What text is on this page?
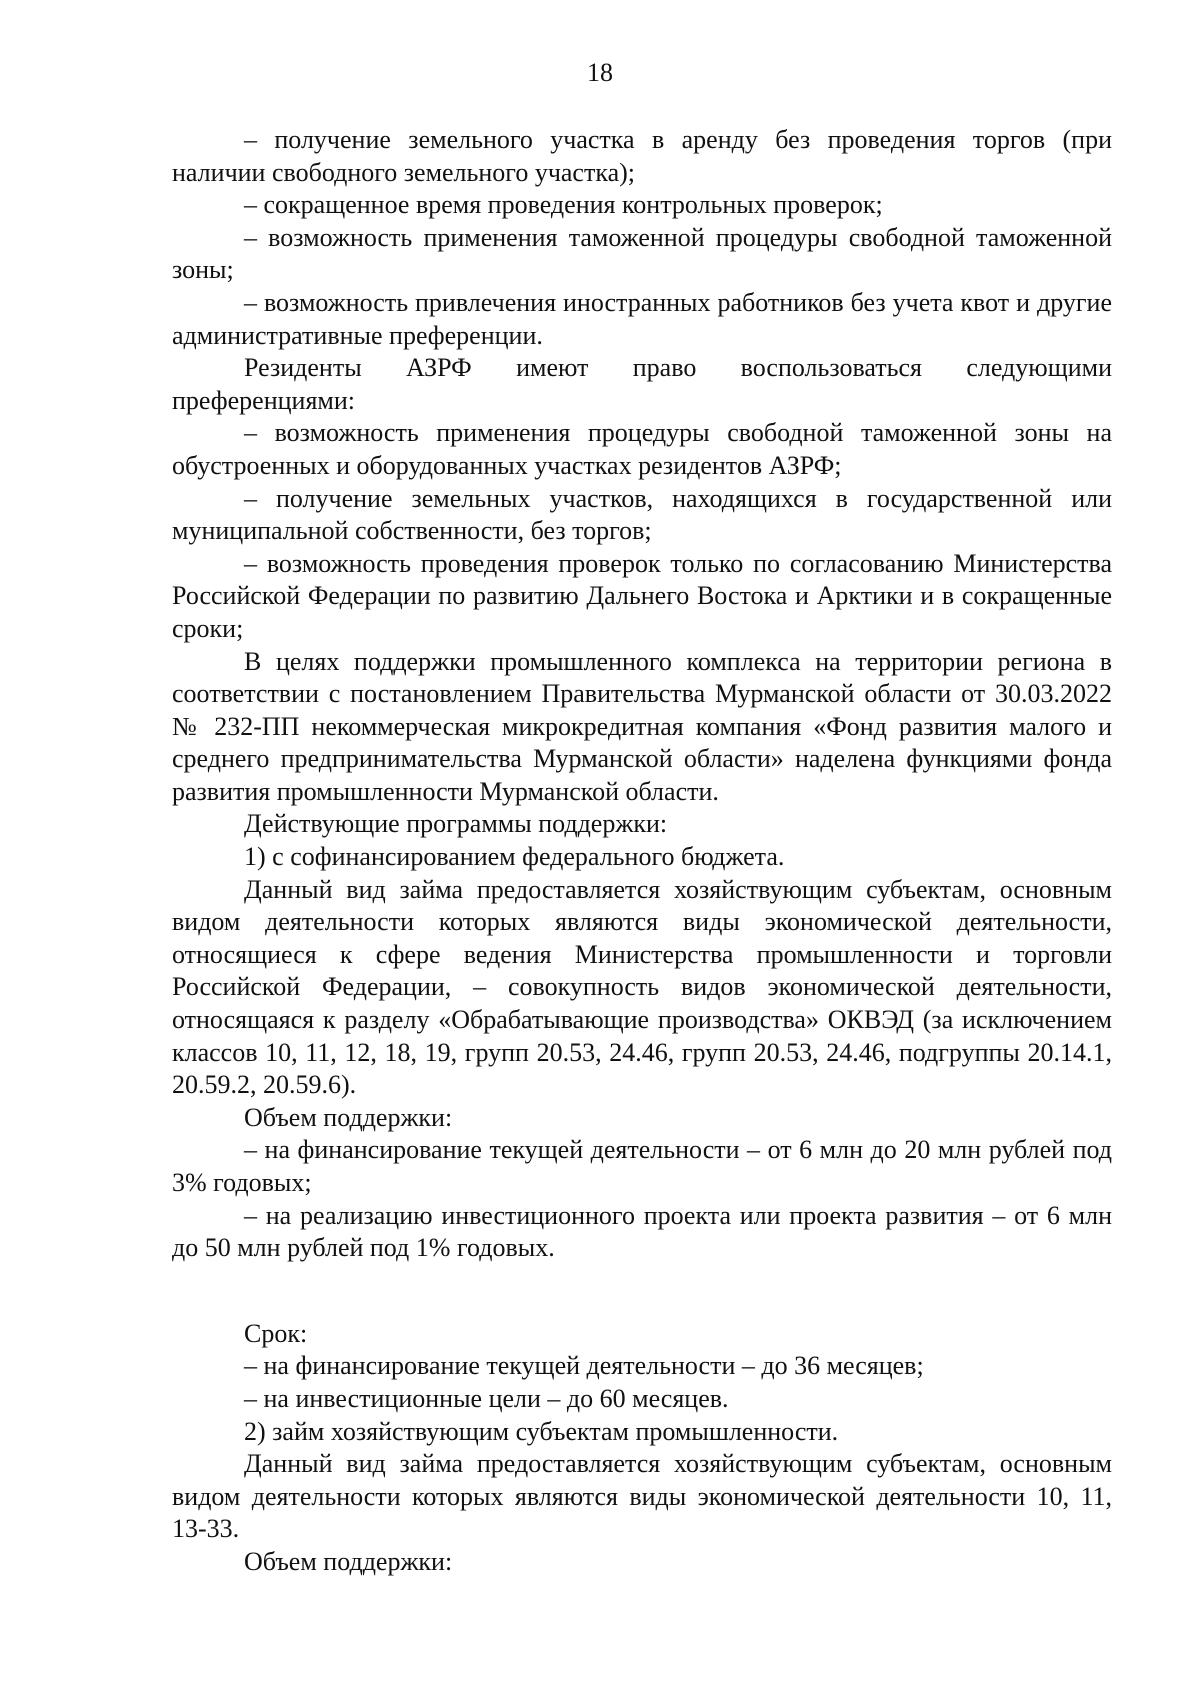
18

– получение земельного участка в аренду без проведения торгов (при наличии свободного земельного участка);

– сокращенное время проведения контрольных проверок;

– возможность применения таможенной процедуры свободной таможенной зоны;

– возможность привлечения иностранных работников без учета квот и другие административные преференции.

Резиденты АЗРФ имеют право воспользоваться следующими преференциями:

– возможность применения процедуры свободной таможенной зоны на обустроенных и оборудованных участках резидентов АЗРФ;

– получение земельных участков, находящихся в государственной или муниципальной собственности, без торгов;

– возможность проведения проверок только по согласованию Министерства Российской Федерации по развитию Дальнего Востока и Арктики и в сокращенные сроки;

В целях поддержки промышленного комплекса на территории региона в соответствии с постановлением Правительства Мурманской области от 30.03.2022 № 232-ПП некоммерческая микрокредитная компания «Фонд развития малого и среднего предпринимательства Мурманской области» наделена функциями фонда развития промышленности Мурманской области.

Действующие программы поддержки:

1) с софинансированием федерального бюджета.

Данный вид займа предоставляется хозяйствующим субъектам, основным видом деятельности которых являются виды экономической деятельности, относящиеся к сфере ведения Министерства промышленности и торговли Российской Федерации, – совокупность видов экономической деятельности, относящаяся к разделу «Обрабатывающие производства» ОКВЭД (за исключением классов 10, 11, 12, 18, 19, групп 20.53, 24.46, групп 20.53, 24.46, подгруппы 20.14.1, 20.59.2, 20.59.6).

Объем поддержки:

– на финансирование текущей деятельности – от 6 млн до 20 млн рублей под 3% годовых;

– на реализацию инвестиционного проекта или проекта развития – от 6 млн до 50 млн рублей под 1% годовых.

Срок:

– на финансирование текущей деятельности – до 36 месяцев;

– на инвестиционные цели – до 60 месяцев.

2) займ хозяйствующим субъектам промышленности.

Данный вид займа предоставляется хозяйствующим субъектам, основным видом деятельности которых являются виды экономической деятельности 10, 11, 13-33.

Объем поддержки:
